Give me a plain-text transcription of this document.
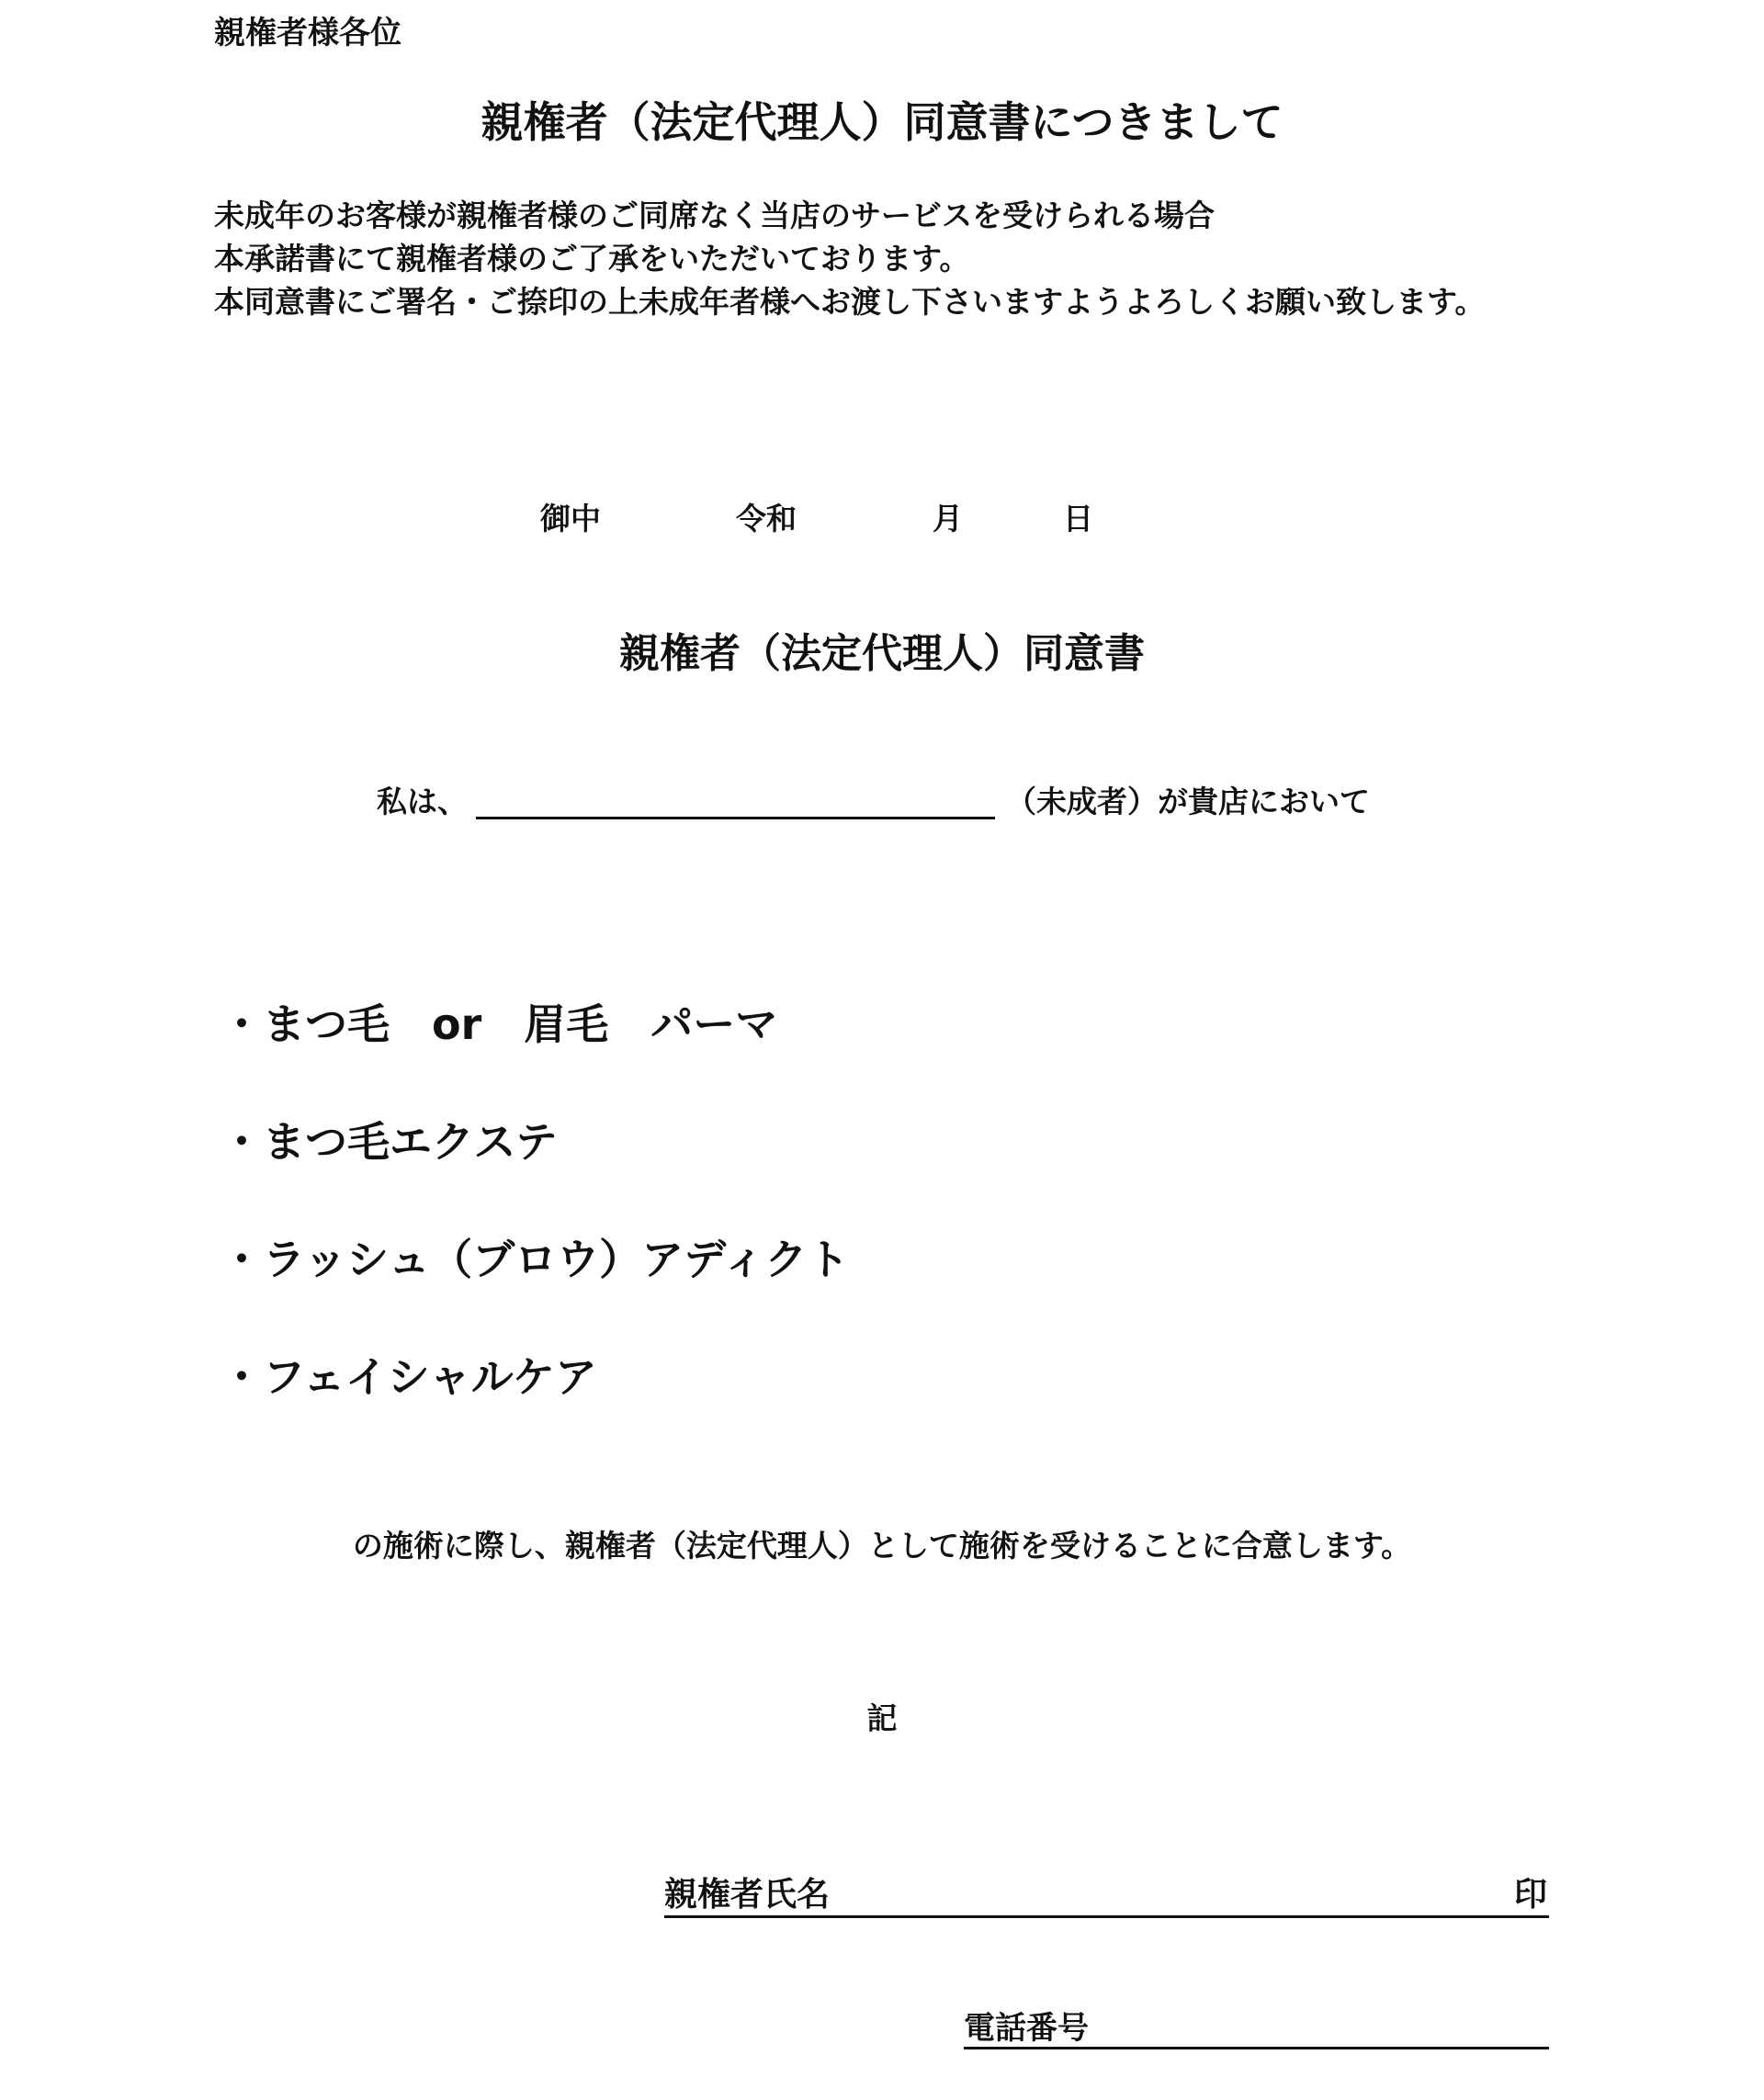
親権者様各位
親権者（法定代理人）同意書につきまして

未成年のお客様が親権者様のご同席なく当店のサービスを受けられる場合

本承諾書にて親権者様のご了承をいただいております。

本同意書にご署名・ご捺印の上未成年者様へお渡し下さいますようよろしくお願い致します。

御中	令和	月	日
親権者（法定代理人）同意書
私は、	（未成者）が貴店において
・まつ毛　or　眉毛　パーマ
・まつ毛エクステ
・ラッシュ（ブロウ）アディクト
・フェイシャルケア
の施術に際し、親権者（法定代理人）として施術を受けることに合意します。
記
親権者氏名	印
電話番号
